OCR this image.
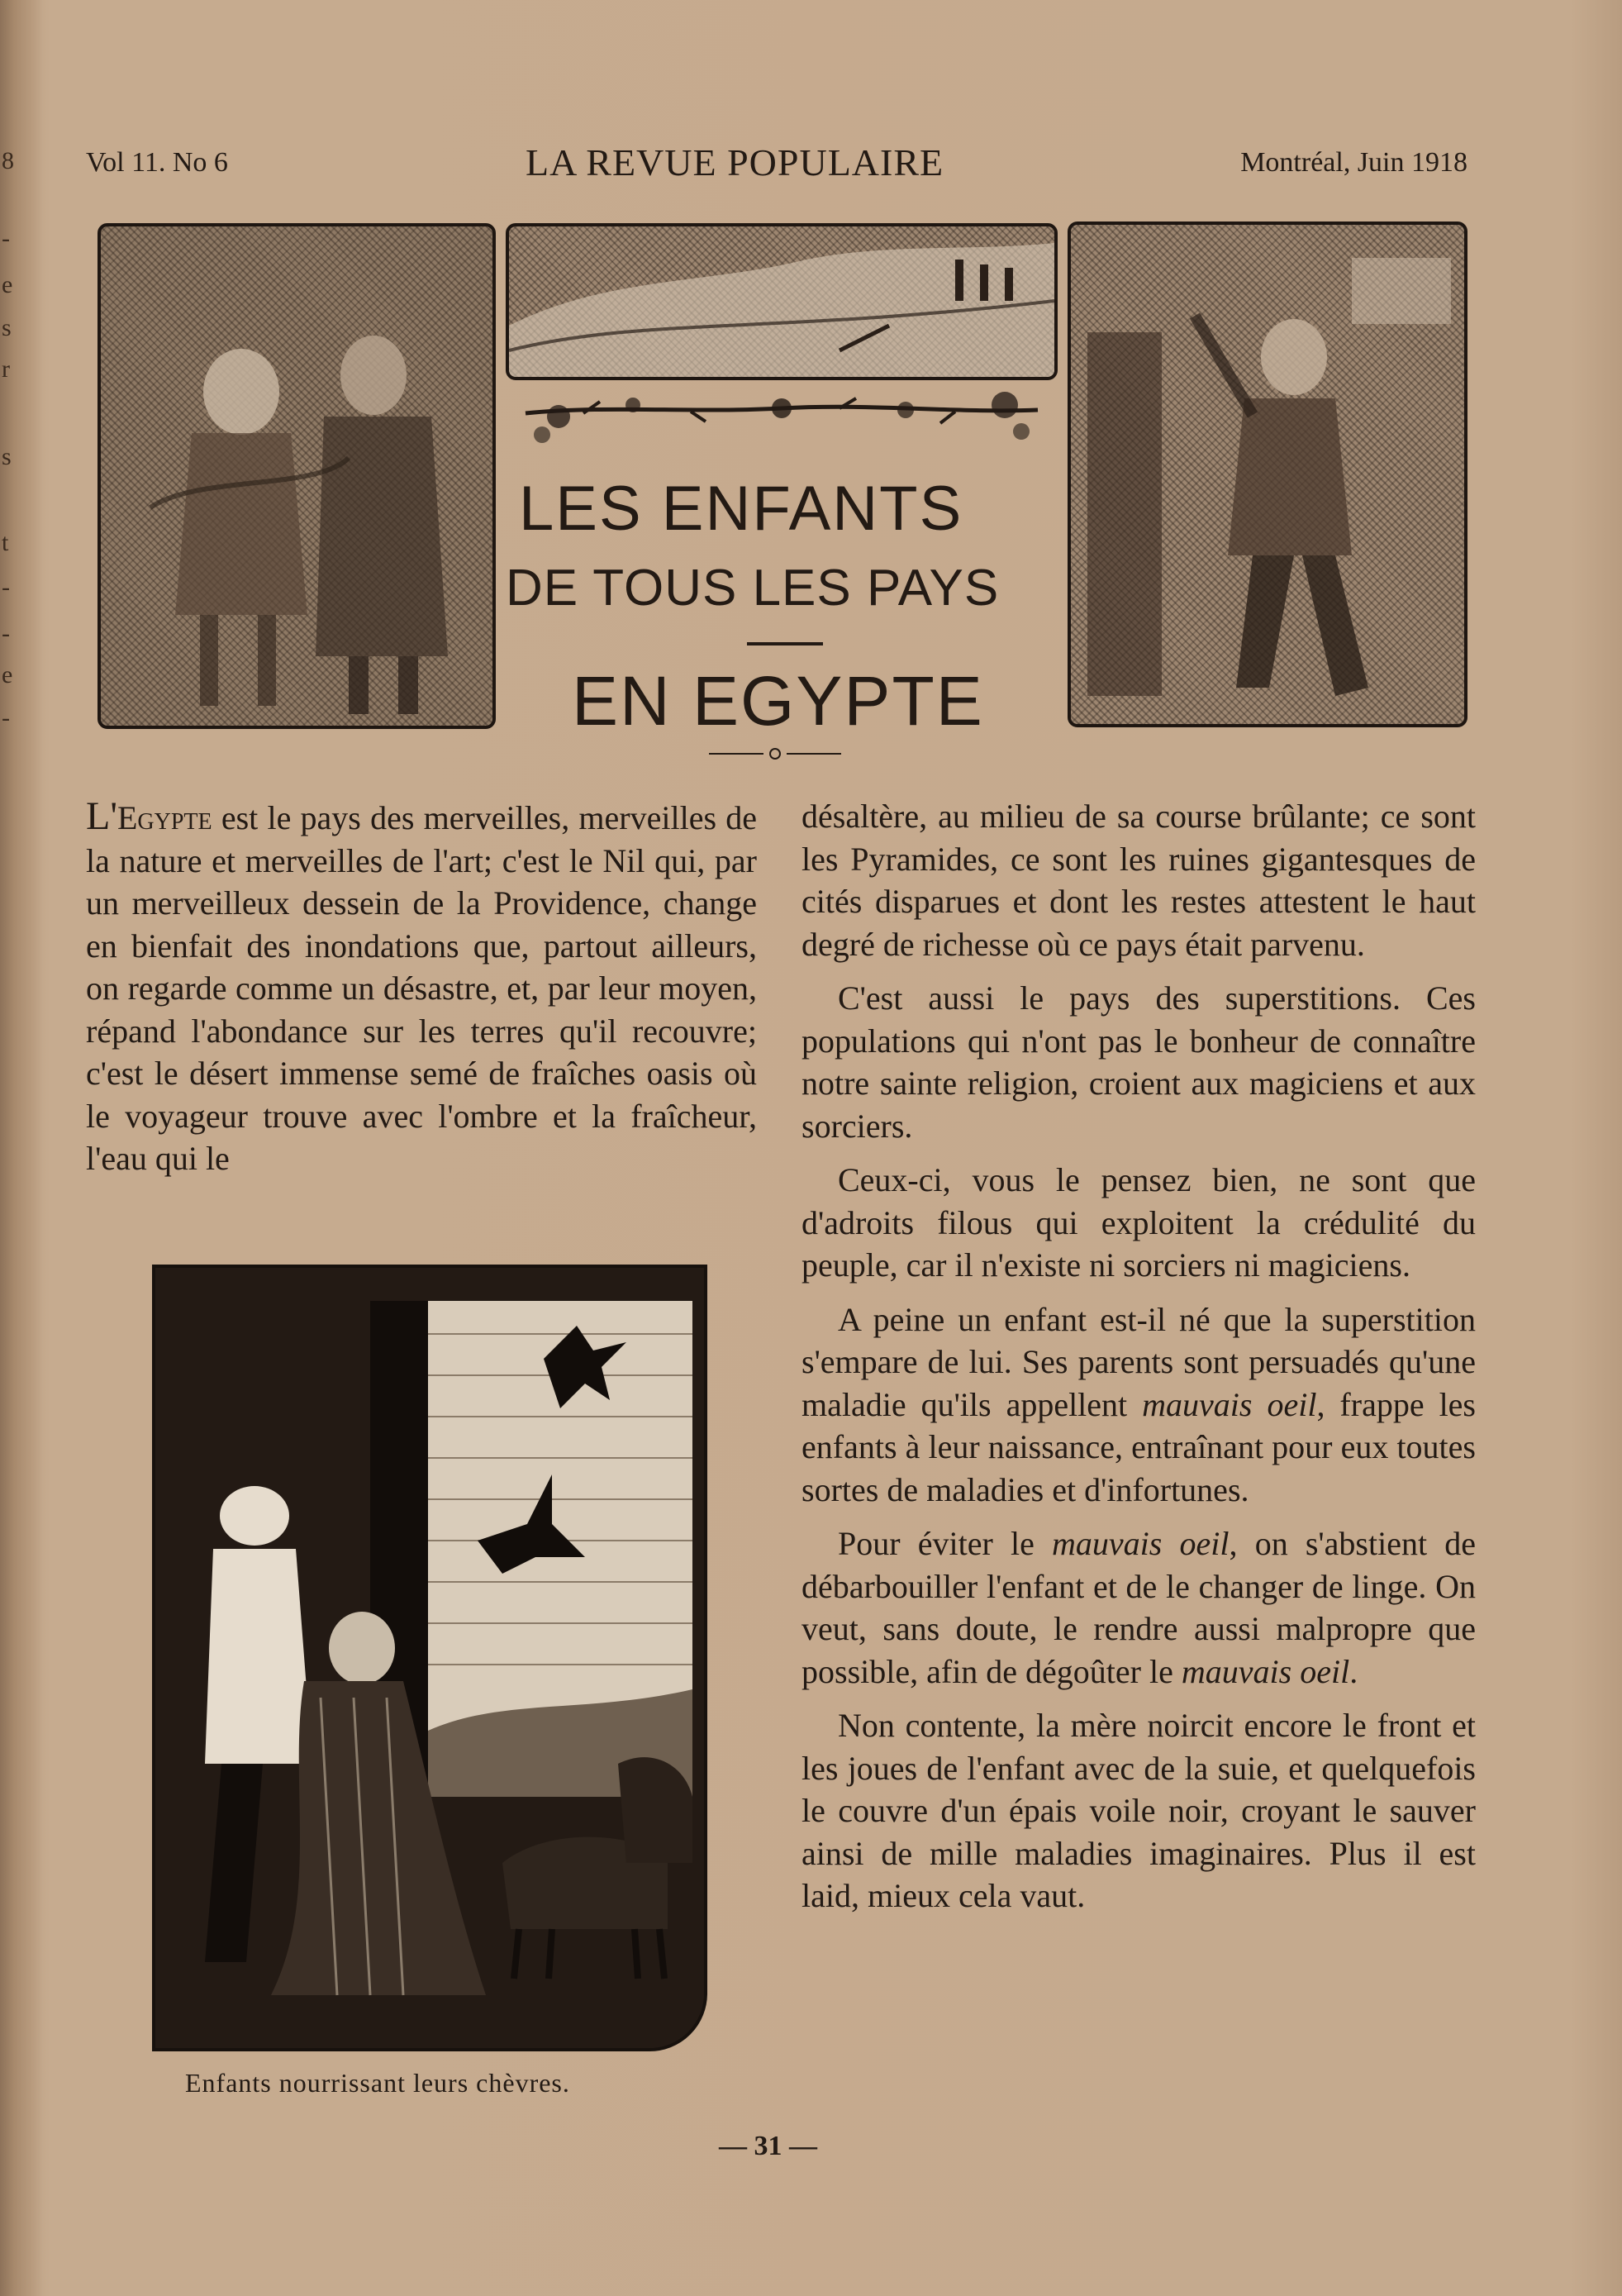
8
-
e
s
r
s
t
-
-
e
-
Vol 11. No 6	LA REVUE POPULAIRE	Montréal, Juin 1918
LES ENFANTS
DE TOUS LES PAYS
EN EGYPTE

L'Egypte est le pays des merveilles, merveilles de la nature et merveilles de l'art; c'est le Nil qui, par un merveilleux dessein de la Providence, change en bienfait des inondations que, partout ailleurs, on regarde comme un désastre, et, par leur moyen, répand l'abondance sur les terres qu'il recouvre; c'est le désert immense semé de fraîches oasis où le voyageur trouve avec l'ombre et la fraîcheur, l'eau qui le

Enfants nourrissant leurs chèvres.

désaltère, au milieu de sa course brûlante; ce sont les Pyramides, ce sont les ruines gigantesques de cités disparues et dont les restes attestent le haut degré de richesse où ce pays était parvenu.

C'est aussi le pays des superstitions. Ces populations qui n'ont pas le bonheur de connaître notre sainte religion, croient aux magiciens et aux sorciers.

Ceux-ci, vous le pensez bien, ne sont que d'adroits filous qui exploitent la crédulité du peuple, car il n'existe ni sorciers ni magiciens.

A peine un enfant est-il né que la superstition s'empare de lui. Ses parents sont persuadés qu'une maladie qu'ils appellent mauvais oeil, frappe les enfants à leur naissance, entraînant pour eux toutes sortes de maladies et d'infortunes.

Pour éviter le mauvais oeil, on s'abstient de débarbouiller l'enfant et de le changer de linge. On veut, sans doute, le rendre aussi malpropre que possible, afin de dégoûter le mauvais oeil.

Non contente, la mère noircit encore le front et les joues de l'enfant avec de la suie, et quelquefois le couvre d'un épais voile noir, croyant le sauver ainsi de mille maladies imaginaires. Plus il est laid, mieux cela vaut.

— 31 —
